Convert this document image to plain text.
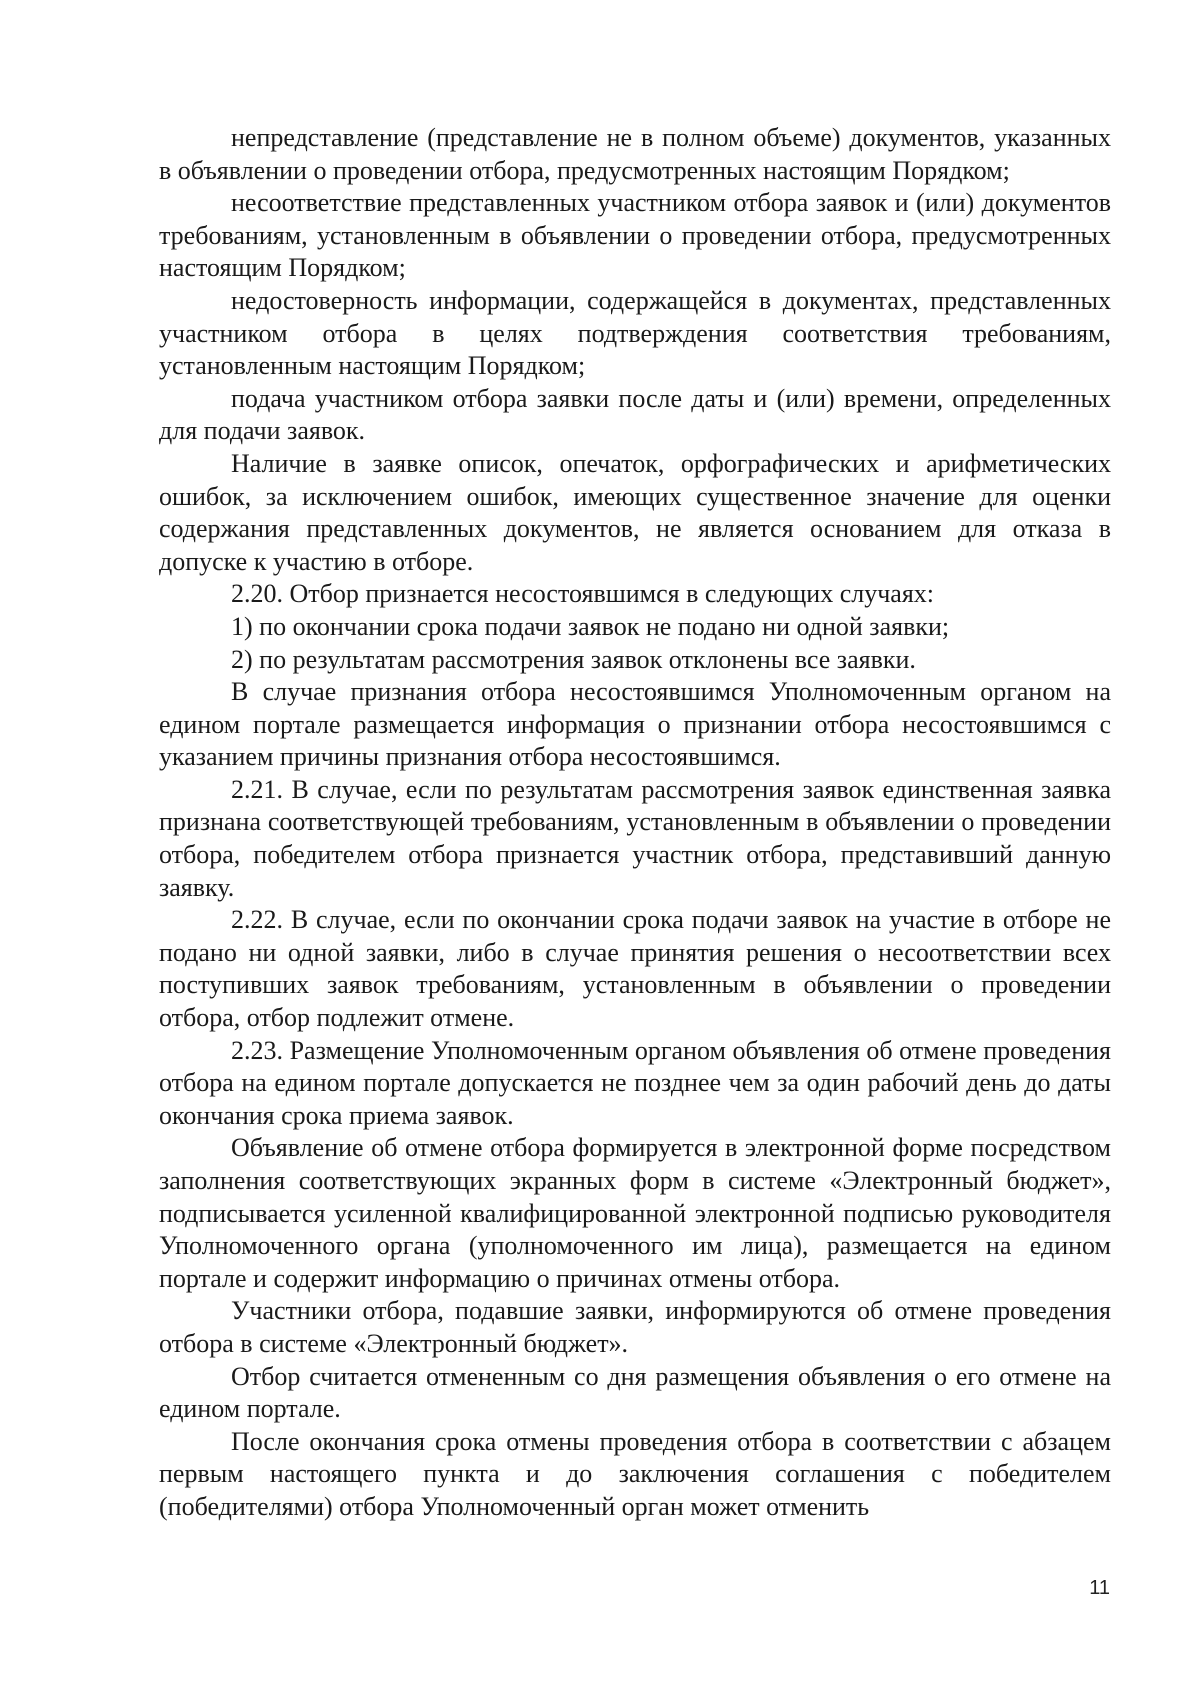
непредставление (представление не в полном объеме) документов, указанных в объявлении о проведении отбора, предусмотренных настоящим Порядком;

несоответствие представленных участником отбора заявок и (или) документов требованиям, установленным в объявлении о проведении отбора, предусмотренных настоящим Порядком;

недостоверность информации, содержащейся в документах, представленных участником отбора в целях подтверждения соответствия требованиям, установленным настоящим Порядком;

подача участником отбора заявки после даты и (или) времени, определенных для подачи заявок.

Наличие в заявке описок, опечаток, орфографических и арифметических ошибок, за исключением ошибок, имеющих существенное значение для оценки содержания представленных документов, не является основанием для отказа в допуске к участию в отборе.

2.20. Отбор признается несостоявшимся в следующих случаях:

1) по окончании срока подачи заявок не подано ни одной заявки;

2) по результатам рассмотрения заявок отклонены все заявки.

В случае признания отбора несостоявшимся Уполномоченным органом на едином портале размещается информация о признании отбора несостоявшимся с указанием причины признания отбора несостоявшимся.

2.21. В случае, если по результатам рассмотрения заявок единственная заявка признана соответствующей требованиям, установленным в объявлении о проведении отбора, победителем отбора признается участник отбора, представивший данную заявку.

2.22. В случае, если по окончании срока подачи заявок на участие в отборе не подано ни одной заявки, либо в случае принятия решения о несоответствии всех поступивших заявок требованиям, установленным в объявлении о проведении отбора, отбор подлежит отмене.

2.23. Размещение Уполномоченным органом объявления об отмене проведения отбора на едином портале допускается не позднее чем за один рабочий день до даты окончания срока приема заявок.

Объявление об отмене отбора формируется в электронной форме посредством заполнения соответствующих экранных форм в системе «Электронный бюджет», подписывается усиленной квалифицированной электронной подписью руководителя Уполномоченного органа (уполномоченного им лица), размещается на едином портале и содержит информацию о причинах отмены отбора.

Участники отбора, подавшие заявки, информируются об отмене проведения отбора в системе «Электронный бюджет».

Отбор считается отмененным со дня размещения объявления о его отмене на едином портале.

После окончания срока отмены проведения отбора в соответствии с абзацем первым настоящего пункта и до заключения соглашения с победителем (победителями) отбора Уполномоченный орган может отменить

11
